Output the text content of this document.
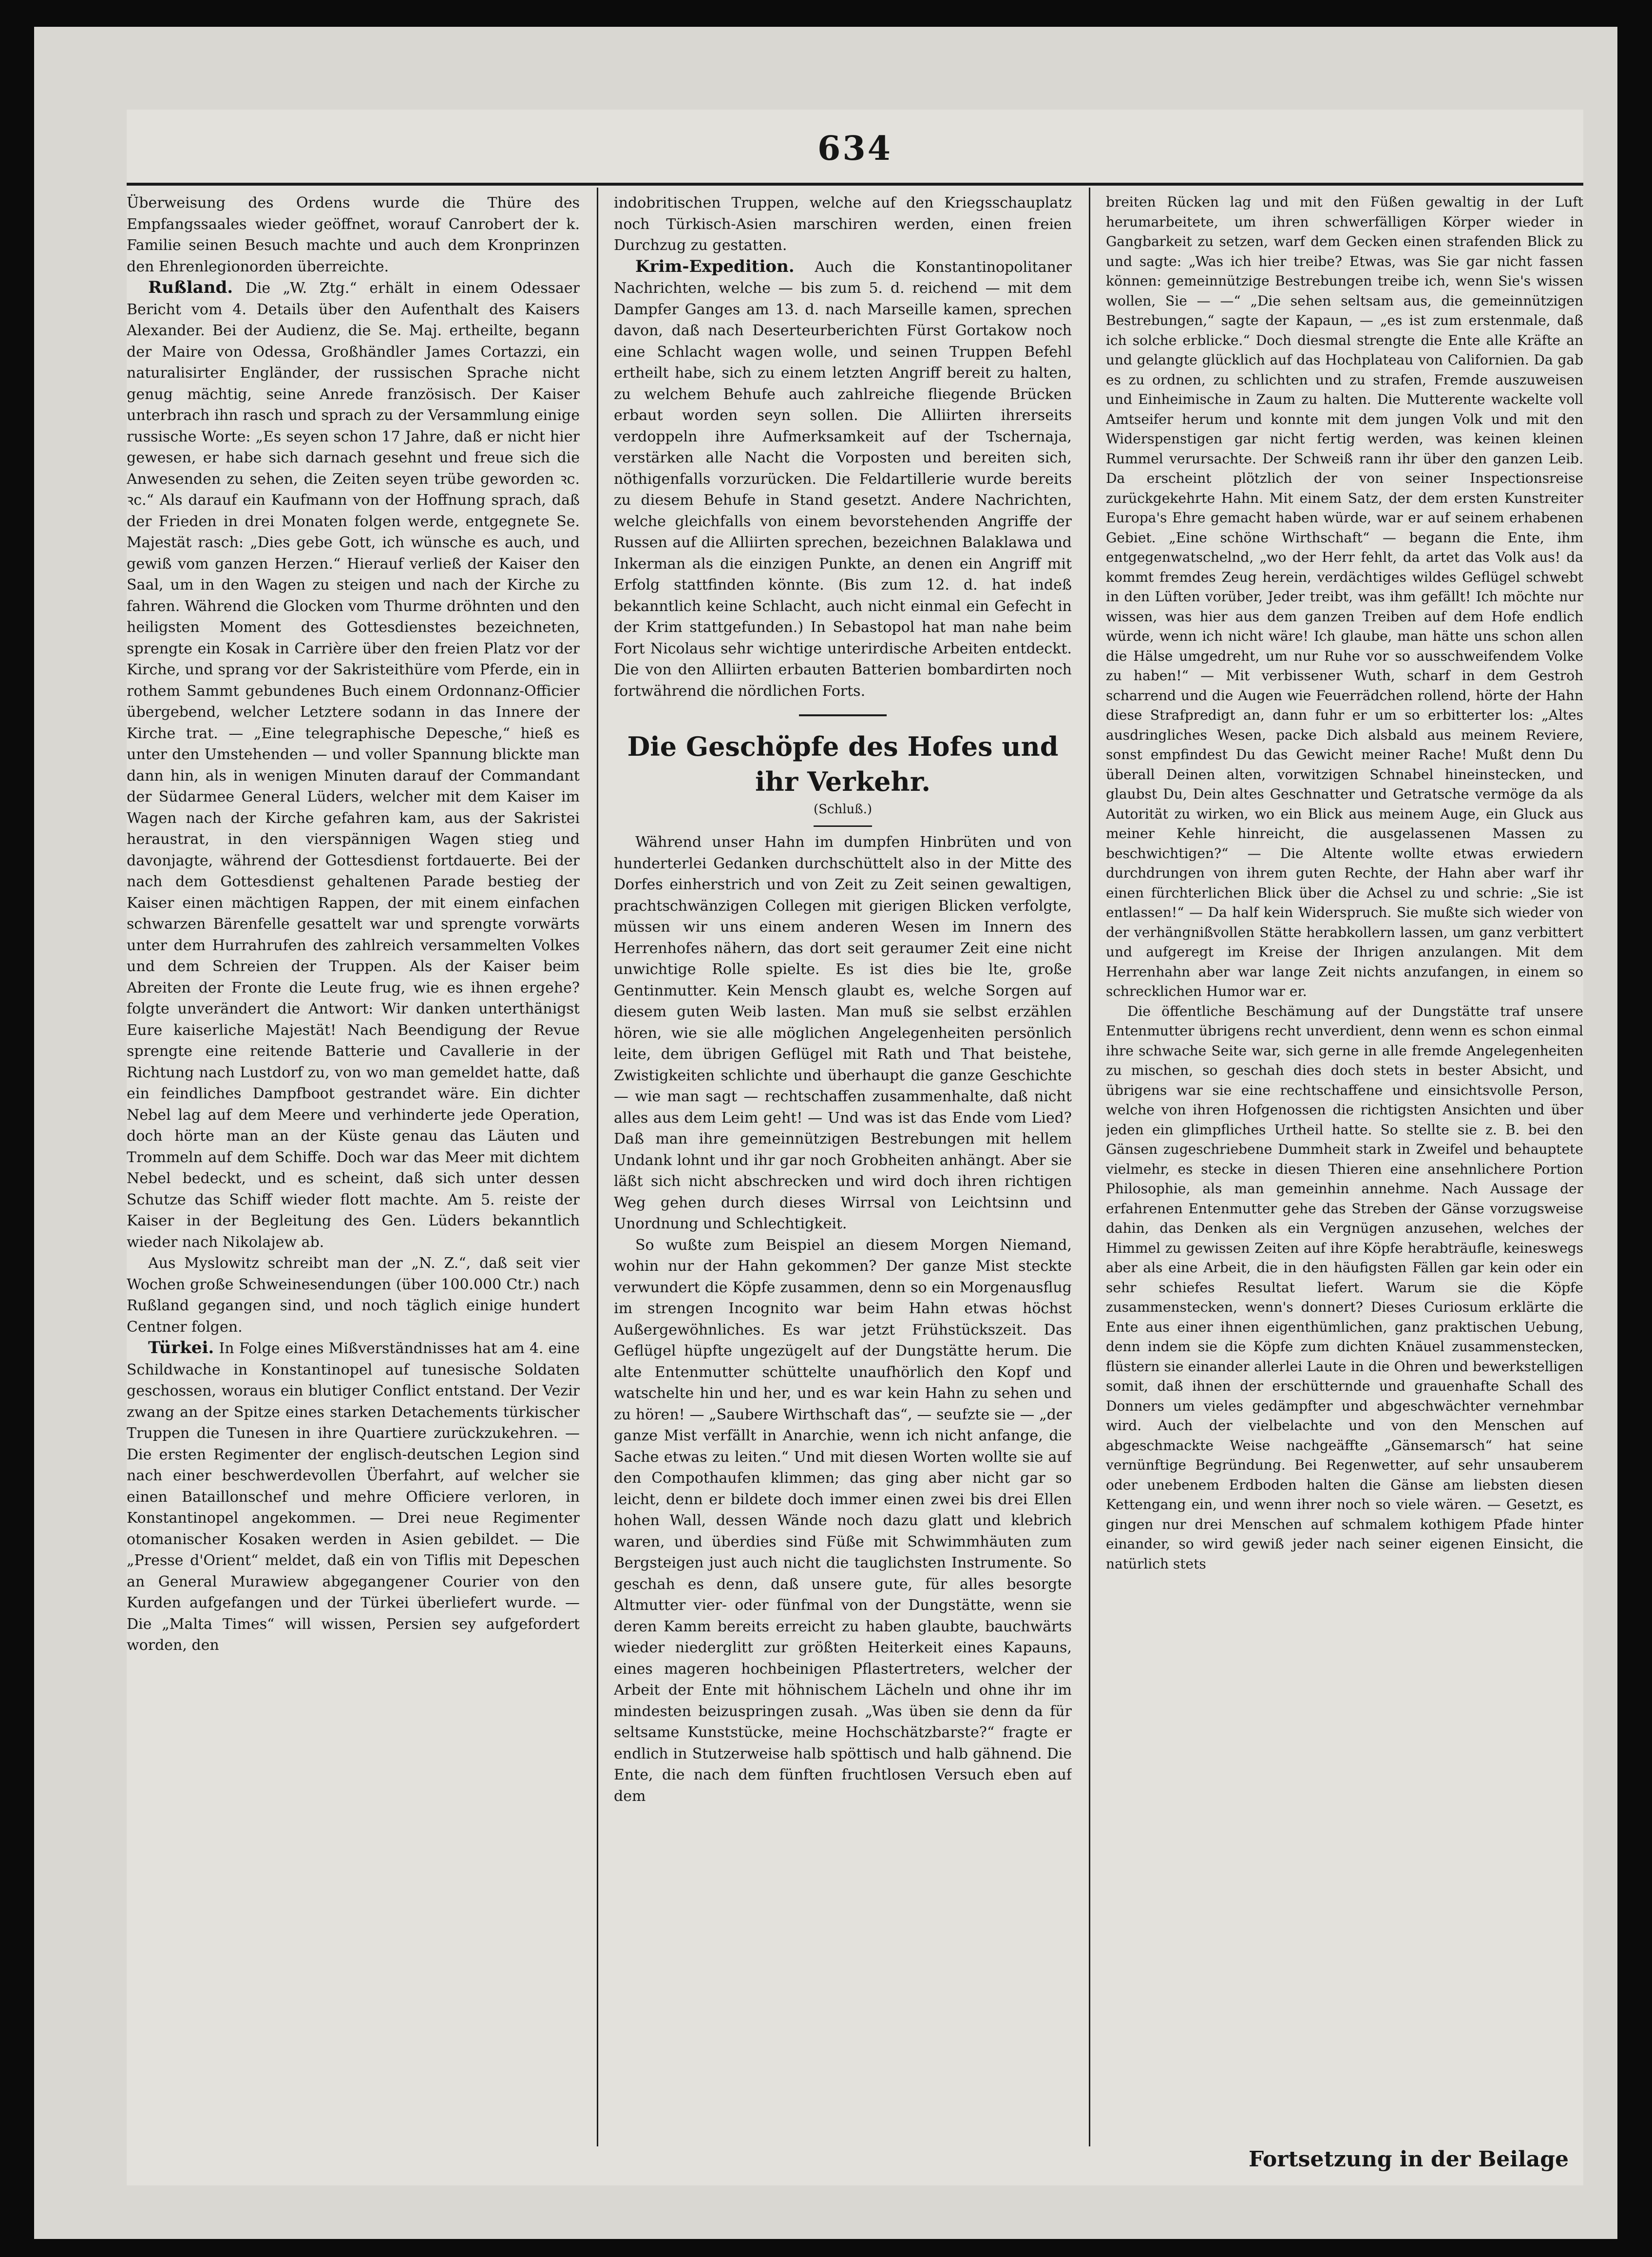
634

Überweisung des Ordens wurde die Thüre des Empfangssaales wieder geöffnet, worauf Canrobert der k. Familie seinen Besuch machte und auch dem Kronprinzen den Ehrenlegionorden überreichte.

Rußland. Die „W. Ztg.“ erhält in einem Odessaer Bericht vom 4. Details über den Aufenthalt des Kaisers Alexander. Bei der Audienz, die Se. Maj. ertheilte, begann der Maire von Odessa, Großhändler James Cortazzi, ein naturalisirter Engländer, der russischen Sprache nicht genug mächtig, seine Anrede französisch. Der Kaiser unterbrach ihn rasch und sprach zu der Versammlung einige russische Worte: „Es seyen schon 17 Jahre, daß er nicht hier gewesen, er habe sich darnach gesehnt und freue sich die Anwesenden zu sehen, die Zeiten seyen trübe geworden ꝛc. ꝛc.“ Als darauf ein Kaufmann von der Hoffnung sprach, daß der Frieden in drei Monaten folgen werde, entgegnete Se. Majestät rasch: „Dies gebe Gott, ich wünsche es auch, und gewiß vom ganzen Herzen.“ Hierauf verließ der Kaiser den Saal, um in den Wagen zu steigen und nach der Kirche zu fahren. Während die Glocken vom Thurme dröhnten und den heiligsten Moment des Gottesdienstes bezeichneten, sprengte ein Kosak in Carrière über den freien Platz vor der Kirche, und sprang vor der Sakristeithüre vom Pferde, ein in rothem Sammt gebundenes Buch einem Ordonnanz-Officier übergebend, welcher Letztere sodann in das Innere der Kirche trat. — „Eine telegraphische Depesche,“ hieß es unter den Umstehenden — und voller Spannung blickte man dann hin, als in wenigen Minuten darauf der Commandant der Südarmee General Lüders, welcher mit dem Kaiser im Wagen nach der Kirche gefahren kam, aus der Sakristei heraustrat, in den vierspännigen Wagen stieg und davonjagte, während der Gottesdienst fortdauerte. Bei der nach dem Gottesdienst gehaltenen Parade bestieg der Kaiser einen mächtigen Rappen, der mit einem einfachen schwarzen Bärenfelle gesattelt war und sprengte vorwärts unter dem Hurrahrufen des zahlreich versammelten Volkes und dem Schreien der Truppen. Als der Kaiser beim Abreiten der Fronte die Leute frug, wie es ihnen ergehe? folgte unverändert die Antwort: Wir danken unterthänigst Eure kaiserliche Majestät! Nach Beendigung der Revue sprengte eine reitende Batterie und Cavallerie in der Richtung nach Lustdorf zu, von wo man gemeldet hatte, daß ein feindliches Dampfboot gestrandet wäre. Ein dichter Nebel lag auf dem Meere und verhinderte jede Operation, doch hörte man an der Küste genau das Läuten und Trommeln auf dem Schiffe. Doch war das Meer mit dichtem Nebel bedeckt, und es scheint, daß sich unter dessen Schutze das Schiff wieder flott machte. Am 5. reiste der Kaiser in der Begleitung des Gen. Lüders bekanntlich wieder nach Nikolajew ab.

Aus Myslowitz schreibt man der „N. Z.“, daß seit vier Wochen große Schweinesendungen (über 100.000 Ctr.) nach Rußland gegangen sind, und noch täglich einige hundert Centner folgen.

Türkei. In Folge eines Mißverständnisses hat am 4. eine Schildwache in Konstantinopel auf tunesische Soldaten geschossen, woraus ein blutiger Conflict entstand. Der Vezir zwang an der Spitze eines starken Detachements türkischer Truppen die Tunesen in ihre Quartiere zurückzukehren. — Die ersten Regimenter der englisch-deutschen Legion sind nach einer beschwerdevollen Überfahrt, auf welcher sie einen Bataillonschef und mehre Officiere verloren, in Konstantinopel angekommen. — Drei neue Regimenter otomanischer Kosaken werden in Asien gebildet. — Die „Presse d'Orient“ meldet, daß ein von Tiflis mit Depeschen an General Murawiew abgegangener Courier von den Kurden aufgefangen und der Türkei überliefert wurde. — Die „Malta Times“ will wissen, Persien sey aufgefordert worden, den

indobritischen Truppen, welche auf den Kriegsschauplatz noch Türkisch-Asien marschiren werden, einen freien Durchzug zu gestatten.

Krim-Expedition. Auch die Konstantinopolitaner Nachrichten, welche — bis zum 5. d. reichend — mit dem Dampfer Ganges am 13. d. nach Marseille kamen, sprechen davon, daß nach Deserteurberichten Fürst Gortakow noch eine Schlacht wagen wolle, und seinen Truppen Befehl ertheilt habe, sich zu einem letzten Angriff bereit zu halten, zu welchem Behufe auch zahlreiche fliegende Brücken erbaut worden seyn sollen. Die Alliirten ihrerseits verdoppeln ihre Aufmerksamkeit auf der Tschernaja, verstärken alle Nacht die Vorposten und bereiten sich, nöthigenfalls vorzurücken. Die Feldartillerie wurde bereits zu diesem Behufe in Stand gesetzt. Andere Nachrichten, welche gleichfalls von einem bevorstehenden Angriffe der Russen auf die Alliirten sprechen, bezeichnen Balaklawa und Inkerman als die einzigen Punkte, an denen ein Angriff mit Erfolg stattfinden könnte. (Bis zum 12. d. hat indeß bekanntlich keine Schlacht, auch nicht einmal ein Gefecht in der Krim stattgefunden.) In Sebastopol hat man nahe beim Fort Nicolaus sehr wichtige unterirdische Arbeiten entdeckt. Die von den Alliirten erbauten Batterien bombardirten noch fortwährend die nördlichen Forts.

Die Geschöpfe des Hofes und ihr Verkehr.
(Schluß.)

Während unser Hahn im dumpfen Hinbrüten und von hunderterlei Gedanken durchschüttelt also in der Mitte des Dorfes einherstrich und von Zeit zu Zeit seinen gewaltigen, prachtschwänzigen Collegen mit gierigen Blicken verfolgte, müssen wir uns einem anderen Wesen im Innern des Herrenhofes nähern, das dort seit geraumer Zeit eine nicht unwichtige Rolle spielte. Es ist dies bie lte, große Gentinmutter. Kein Mensch glaubt es, welche Sorgen auf diesem guten Weib lasten. Man muß sie selbst erzählen hören, wie sie alle möglichen Angelegenheiten persönlich leite, dem übrigen Geflügel mit Rath und That beistehe, Zwistigkeiten schlichte und überhaupt die ganze Geschichte — wie man sagt — rechtschaffen zusammenhalte, daß nicht alles aus dem Leim geht! — Und was ist das Ende vom Lied? Daß man ihre gemeinnützigen Bestrebungen mit hellem Undank lohnt und ihr gar noch Grobheiten anhängt. Aber sie läßt sich nicht abschrecken und wird doch ihren richtigen Weg gehen durch dieses Wirrsal von Leichtsinn und Unordnung und Schlechtigkeit.

So wußte zum Beispiel an diesem Morgen Niemand, wohin nur der Hahn gekommen? Der ganze Mist steckte verwundert die Köpfe zusammen, denn so ein Morgenausflug im strengen Incognito war beim Hahn etwas höchst Außergewöhnliches. Es war jetzt Frühstückszeit. Das Geflügel hüpfte ungezügelt auf der Dungstätte herum. Die alte Entenmutter schüttelte unaufhörlich den Kopf und watschelte hin und her, und es war kein Hahn zu sehen und zu hören! — „Saubere Wirthschaft das“, — seufzte sie — „der ganze Mist verfällt in Anarchie, wenn ich nicht anfange, die Sache etwas zu leiten.“ Und mit diesen Worten wollte sie auf den Compothaufen klimmen; das ging aber nicht gar so leicht, denn er bildete doch immer einen zwei bis drei Ellen hohen Wall, dessen Wände noch dazu glatt und klebrich waren, und überdies sind Füße mit Schwimmhäuten zum Bergsteigen just auch nicht die tauglichsten Instrumente. So geschah es denn, daß unsere gute, für alles besorgte Altmutter vier- oder fünfmal von der Dungstätte, wenn sie deren Kamm bereits erreicht zu haben glaubte, bauchwärts wieder niederglitt zur größten Heiterkeit eines Kapauns, eines mageren hochbeinigen Pflastertreters, welcher der Arbeit der Ente mit höhnischem Lächeln und ohne ihr im mindesten beizuspringen zusah. „Was üben sie denn da für seltsame Kunststücke, meine Hochschätzbarste?“ fragte er endlich in Stutzerweise halb spöttisch und halb gähnend. Die Ente, die nach dem fünften fruchtlosen Versuch eben auf dem

breiten Rücken lag und mit den Füßen gewaltig in der Luft herumarbeitete, um ihren schwerfälligen Körper wieder in Gangbarkeit zu setzen, warf dem Gecken einen strafenden Blick zu und sagte: „Was ich hier treibe? Etwas, was Sie gar nicht fassen können: gemeinnützige Bestrebungen treibe ich, wenn Sie's wissen wollen, Sie — —“ „Die sehen seltsam aus, die gemeinnützigen Bestrebungen,“ sagte der Kapaun, — „es ist zum erstenmale, daß ich solche erblicke.“ Doch diesmal strengte die Ente alle Kräfte an und gelangte glücklich auf das Hochplateau von Californien. Da gab es zu ordnen, zu schlichten und zu strafen, Fremde auszuweisen und Einheimische in Zaum zu halten. Die Mutterente wackelte voll Amtseifer herum und konnte mit dem jungen Volk und mit den Widerspenstigen gar nicht fertig werden, was keinen kleinen Rummel verursachte. Der Schweiß rann ihr über den ganzen Leib. Da erscheint plötzlich der von seiner Inspectionsreise zurückgekehrte Hahn. Mit einem Satz, der dem ersten Kunstreiter Europa's Ehre gemacht haben würde, war er auf seinem erhabenen Gebiet. „Eine schöne Wirthschaft“ — begann die Ente, ihm entgegenwatschelnd, „wo der Herr fehlt, da artet das Volk aus! da kommt fremdes Zeug herein, verdächtiges wildes Geflügel schwebt in den Lüften vorüber, Jeder treibt, was ihm gefällt! Ich möchte nur wissen, was hier aus dem ganzen Treiben auf dem Hofe endlich würde, wenn ich nicht wäre! Ich glaube, man hätte uns schon allen die Hälse umgedreht, um nur Ruhe vor so ausschweifendem Volke zu haben!“ — Mit verbissener Wuth, scharf in dem Gestroh scharrend und die Augen wie Feuerrädchen rollend, hörte der Hahn diese Strafpredigt an, dann fuhr er um so erbitterter los: „Altes ausdringliches Wesen, packe Dich alsbald aus meinem Reviere, sonst empfindest Du das Gewicht meiner Rache! Mußt denn Du überall Deinen alten, vorwitzigen Schnabel hineinstecken, und glaubst Du, Dein altes Geschnatter und Getratsche vermöge da als Autorität zu wirken, wo ein Blick aus meinem Auge, ein Gluck aus meiner Kehle hinreicht, die ausgelassenen Massen zu beschwichtigen?“ — Die Altente wollte etwas erwiedern durchdrungen von ihrem guten Rechte, der Hahn aber warf ihr einen fürchterlichen Blick über die Achsel zu und schrie: „Sie ist entlassen!“ — Da half kein Widerspruch. Sie mußte sich wieder von der verhängnißvollen Stätte herabkollern lassen, um ganz verbittert und aufgeregt im Kreise der Ihrigen anzulangen. Mit dem Herrenhahn aber war lange Zeit nichts anzufangen, in einem so schrecklichen Humor war er.

Die öffentliche Beschämung auf der Dungstätte traf unsere Entenmutter übrigens recht unverdient, denn wenn es schon einmal ihre schwache Seite war, sich gerne in alle fremde Angelegenheiten zu mischen, so geschah dies doch stets in bester Absicht, und übrigens war sie eine rechtschaffene und einsichtsvolle Person, welche von ihren Hofgenossen die richtigsten Ansichten und über jeden ein glimpfliches Urtheil hatte. So stellte sie z. B. bei den Gänsen zugeschriebene Dummheit stark in Zweifel und behauptete vielmehr, es stecke in diesen Thieren eine ansehnlichere Portion Philosophie, als man gemeinhin annehme. Nach Aussage der erfahrenen Entenmutter gehe das Streben der Gänse vorzugsweise dahin, das Denken als ein Vergnügen anzusehen, welches der Himmel zu gewissen Zeiten auf ihre Köpfe herabträufle, keineswegs aber als eine Arbeit, die in den häufigsten Fällen gar kein oder ein sehr schiefes Resultat liefert. Warum sie die Köpfe zusammenstecken, wenn's donnert? Dieses Curiosum erklärte die Ente aus einer ihnen eigenthümlichen, ganz praktischen Uebung, denn indem sie die Köpfe zum dichten Knäuel zusammenstecken, flüstern sie einander allerlei Laute in die Ohren und bewerkstelligen somit, daß ihnen der erschütternde und grauenhafte Schall des Donners um vieles gedämpfter und abgeschwächter vernehmbar wird. Auch der vielbelachte und von den Menschen auf abgeschmackte Weise nachgeäffte „Gänsemarsch“ hat seine vernünftige Begründung. Bei Regenwetter, auf sehr unsauberem oder unebenem Erdboden halten die Gänse am liebsten diesen Kettengang ein, und wenn ihrer noch so viele wären. — Gesetzt, es gingen nur drei Menschen auf schmalem kothigem Pfade hinter einander, so wird gewiß jeder nach seiner eigenen Einsicht, die natürlich stets

Fortsetzung in der Beilage
